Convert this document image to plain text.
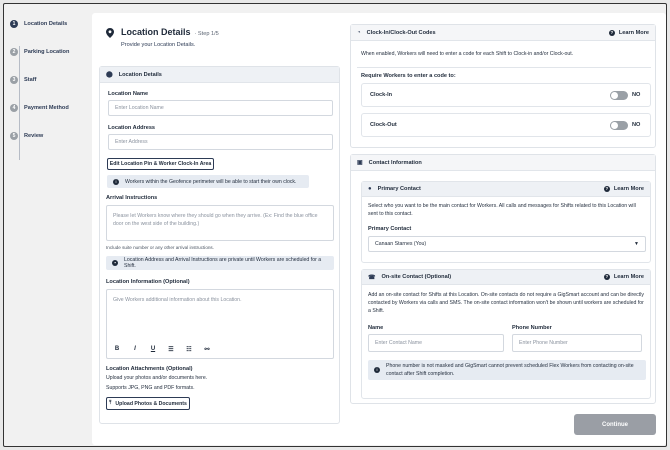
1	Location Details
2	Parking Location
3	Staff
4	Payment Method
5	Review
Location Details · Step 1/5
Provide your Location Details.
⬤ Location Details
Location Name
Enter Location Name
Location Address
Enter Address
Edit Location Pin & Worker Clock-In Area
i	Workers within the Geofence perimeter will be able to start their own clock.
Arrival Instructions
Please let Workers know where they should go when they arrive. (Ex: Find the blue office door on the west side of the building.)
Include suite number or any other arrival instructions.
▪	Location Address and Arrival Instructions are private until Workers are scheduled for a Shift.
Location Information (Optional)
Give Workers additional information about this Location.
B	I	U	☰ ☷ ⚯
Location Attachments (Optional)
Upload your photos and/or documents here.
Supports JPG, PNG and PDF formats.
⤒ Upload Photos & Documents
◔ Clock-In/Clock-Out Codes	? Learn More
When enabled, Workers will need to enter a code for each Shift to Clock-in and/or Clock-out.
Require Workers to enter a code to:
Clock-In	NO
Clock-Out	NO
▣ Contact Information
● Primary Contact	? Learn More
Select who you want to be the main contact for Workers. All calls and messages for Shifts related to this Location will sent to this contact.
Primary Contact
Canaan Starnes (You)	▼
☎ On-site Contact (Optional)	? Learn More
Add an on-site contact for Shifts at this Location. On-site contacts do not require a GigSmart account and can be directly contacted by Workers via calls and SMS. The on-site contact information won't be shown until workers are scheduled for a Shift.
Name
Enter Contact Name
Phone Number
Enter Phone Number
i
Phone number is not masked and GigSmart cannot prevent scheduled Flex Workers from contacting on-site contact after Shift completion.
Continue
